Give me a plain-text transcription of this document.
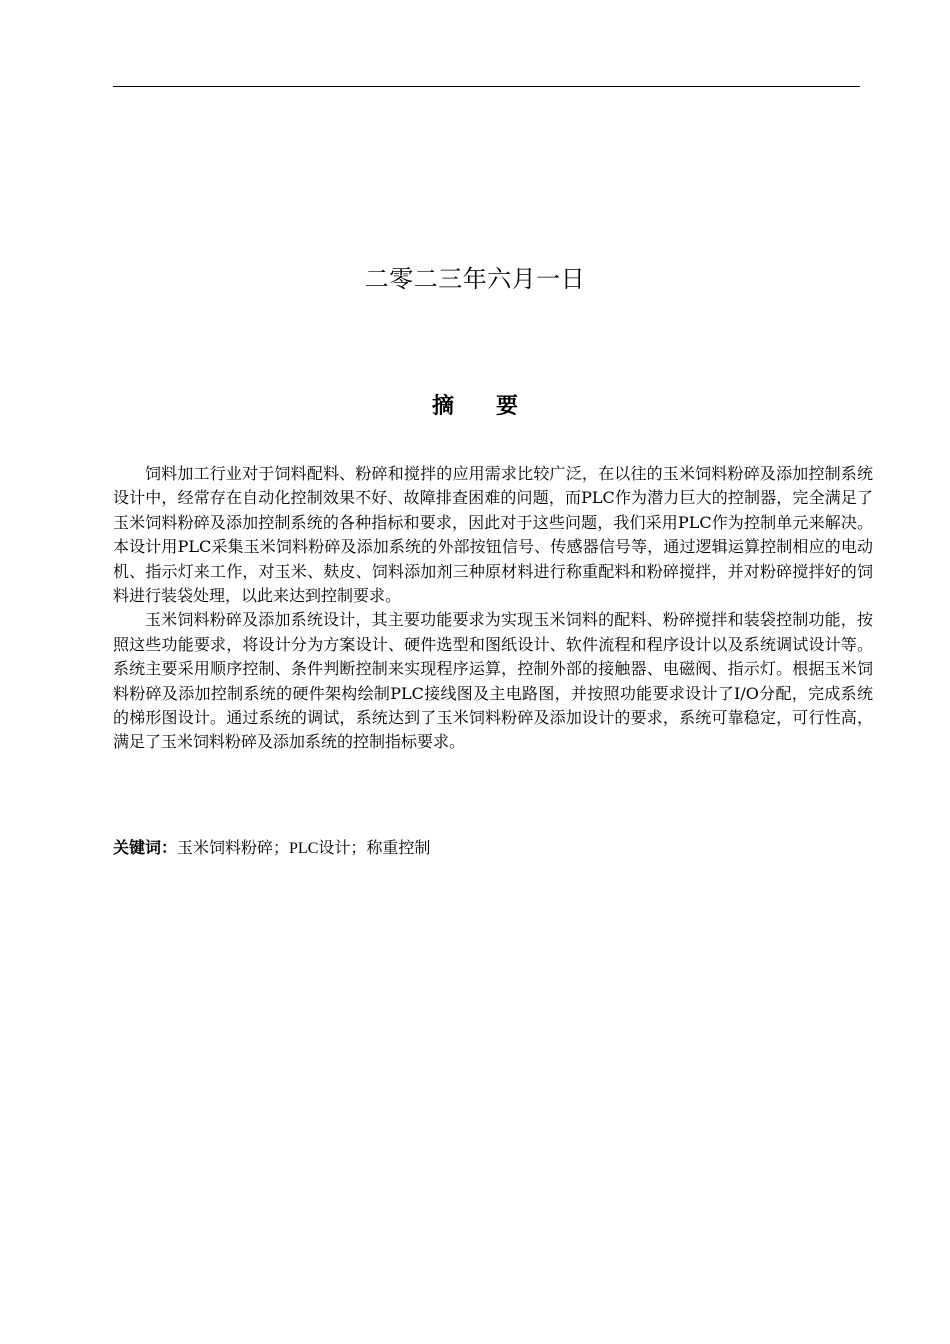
二零二三年六月一日
摘 要

饲料加工行业对于饲料配料、粉碎和搅拌的应用需求比较广泛，在以往的玉米饲料粉碎及添加控制系统设计中，经常存在自动化控制效果不好、故障排查困难的问题，而PLC作为潜力巨大的控制器，完全满足了玉米饲料粉碎及添加控制系统的各种指标和要求，因此对于这些问题，我们采用PLC作为控制单元来解决。本设计用PLC采集玉米饲料粉碎及添加系统的外部按钮信号、传感器信号等，通过逻辑运算控制相应的电动机、指示灯来工作，对玉米、麸皮、饲料添加剂三种原材料进行称重配料和粉碎搅拌，并对粉碎搅拌好的饲料进行装袋处理，以此来达到控制要求。

玉米饲料粉碎及添加系统设计，其主要功能要求为实现玉米饲料的配料、粉碎搅拌和装袋控制功能，按照这些功能要求，将设计分为方案设计、硬件选型和图纸设计、软件流程和程序设计以及系统调试设计等。系统主要采用顺序控制、条件判断控制来实现程序运算，控制外部的接触器、电磁阀、指示灯。根据玉米饲料粉碎及添加控制系统的硬件架构绘制PLC接线图及主电路图，并按照功能要求设计了I/O分配，完成系统的梯形图设计。通过系统的调试，系统达到了玉米饲料粉碎及添加设计的要求，系统可靠稳定，可行性高，满足了玉米饲料粉碎及添加系统的控制指标要求。

关键词：玉米饲料粉碎；PLC设计；称重控制
